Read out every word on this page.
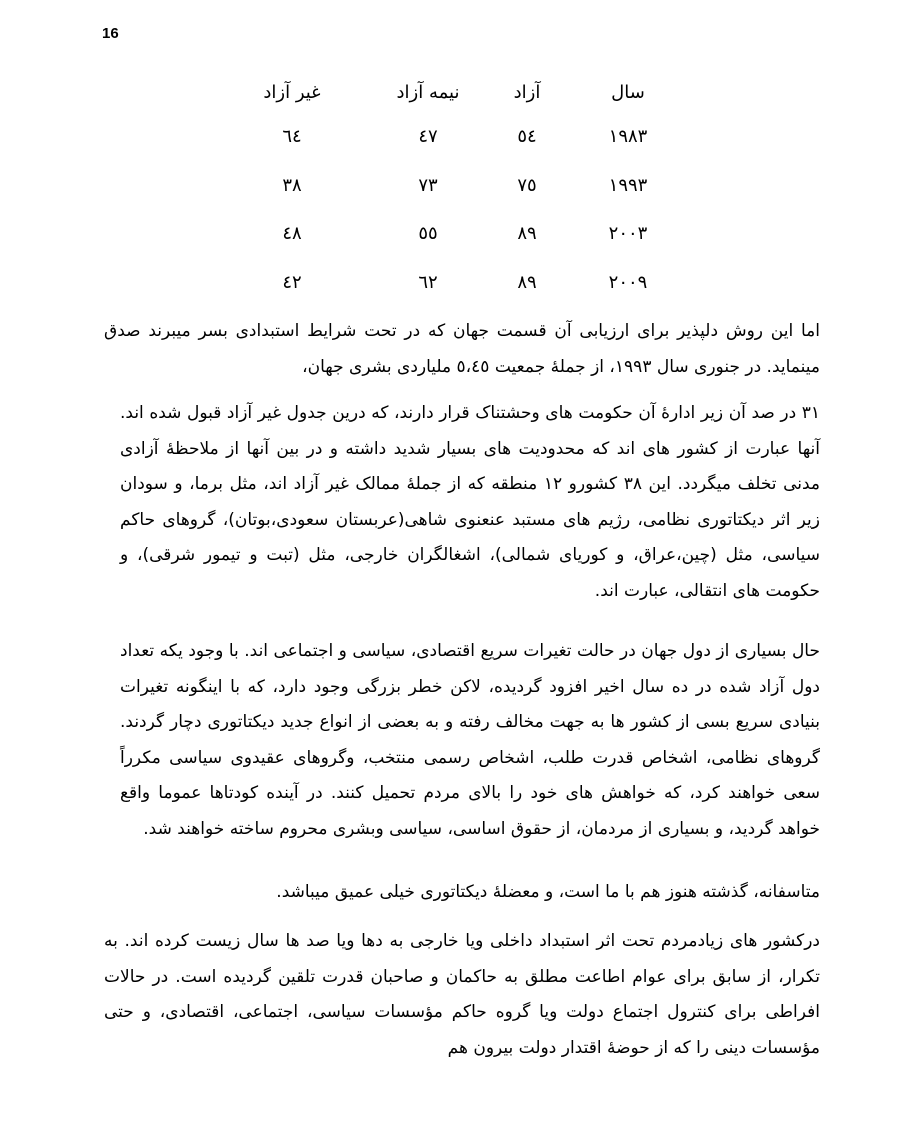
16
سال
آزاد
نیمه آزاد
غیر آزاد
۱۹۸۳
٥٤
٤٧
٦٤
۱۹۹۳
٧٥
٧٣
٣٨
۲۰۰۳
٨٩
٥٥
٤٨
۲۰۰۹
٨٩
٦٢
٤٢

اما این روش دلپذیر برای ارزیابی آن قسمت جهان که در تحت شرایط استبدادی بسر میبرند صدق مینماید. در جنوری سال ۱۹۹۳، از جملهٔ جمعیت ٥،٤٥ ملیاردی بشری جهان،

۳۱ در صد آن زیر ادارهٔ آن حکومت های وحشتناک قرار دارند، که درین جدول غیر آزاد قبول شده اند. آنها عبارت از کشور های اند که محدودیت های بسیار شدید داشته و در بین آنها از ملاحظهٔ آزادی مدنی تخلف میگردد. این ۳۸ کشورو ۱۲ منطقه که از جملهٔ ممالک غیر آزاد اند، مثل برما، و سودان زیر اثر دیکتاتوری نظامی، رژیم های مستبد عنعنوی شاهی(عربستان سعودی،بوتان)، گروهای حاکم سیاسی، مثل (چین،عراق، و کوریای شمالی)، اشغالگران خارجی، مثل (تبت و تیمور شرقی)، و حکومت های انتقالی، عبارت اند.

حال بسیاری از دول جهان در حالت تغیرات سریع اقتصادی، سیاسی و اجتماعی اند. با وجود یکه تعداد دول آزاد شده در ده سال اخیر افزود گردیده، لاکن خطر بزرگی وجود دارد، که با اینگونه تغیرات بنیادی سریع بسی از کشور ها به جهت مخالف رفته و به بعضی از انواع جدید دیکتاتوری دچار گردند. گروهای نظامی، اشخاص قدرت طلب، اشخاص رسمی منتخب، وگروهای عقیدوی سیاسی مکرراً سعی خواهند کرد، که خواهش های خود را بالای مردم تحمیل کنند. در آینده کودتاها عموما واقع خواهد گردید، و بسیاری از مردمان، از حقوق اساسی، سیاسی وبشری محروم ساخته خواهند شد.

متاسفانه، گذشته هنوز هم با ما است، و معضلهٔ دیکتاتوری خیلی عمیق میباشد.

درکشور های زیادمردم تحت اثر استبداد داخلی ویا خارجی به دها ویا صد ها سال زیست کرده اند. به تکرار، از سابق برای عوام اطاعت مطلق به حاکمان و صاحبان قدرت تلقین گردیده است. در حالات افراطی برای کنترول اجتماع دولت ویا گروه حاکم مؤسسات سیاسی، اجتماعی، اقتصادی، و حتی مؤسسات دینی را که از حوضهٔ اقتدار دولت بیرون هم
